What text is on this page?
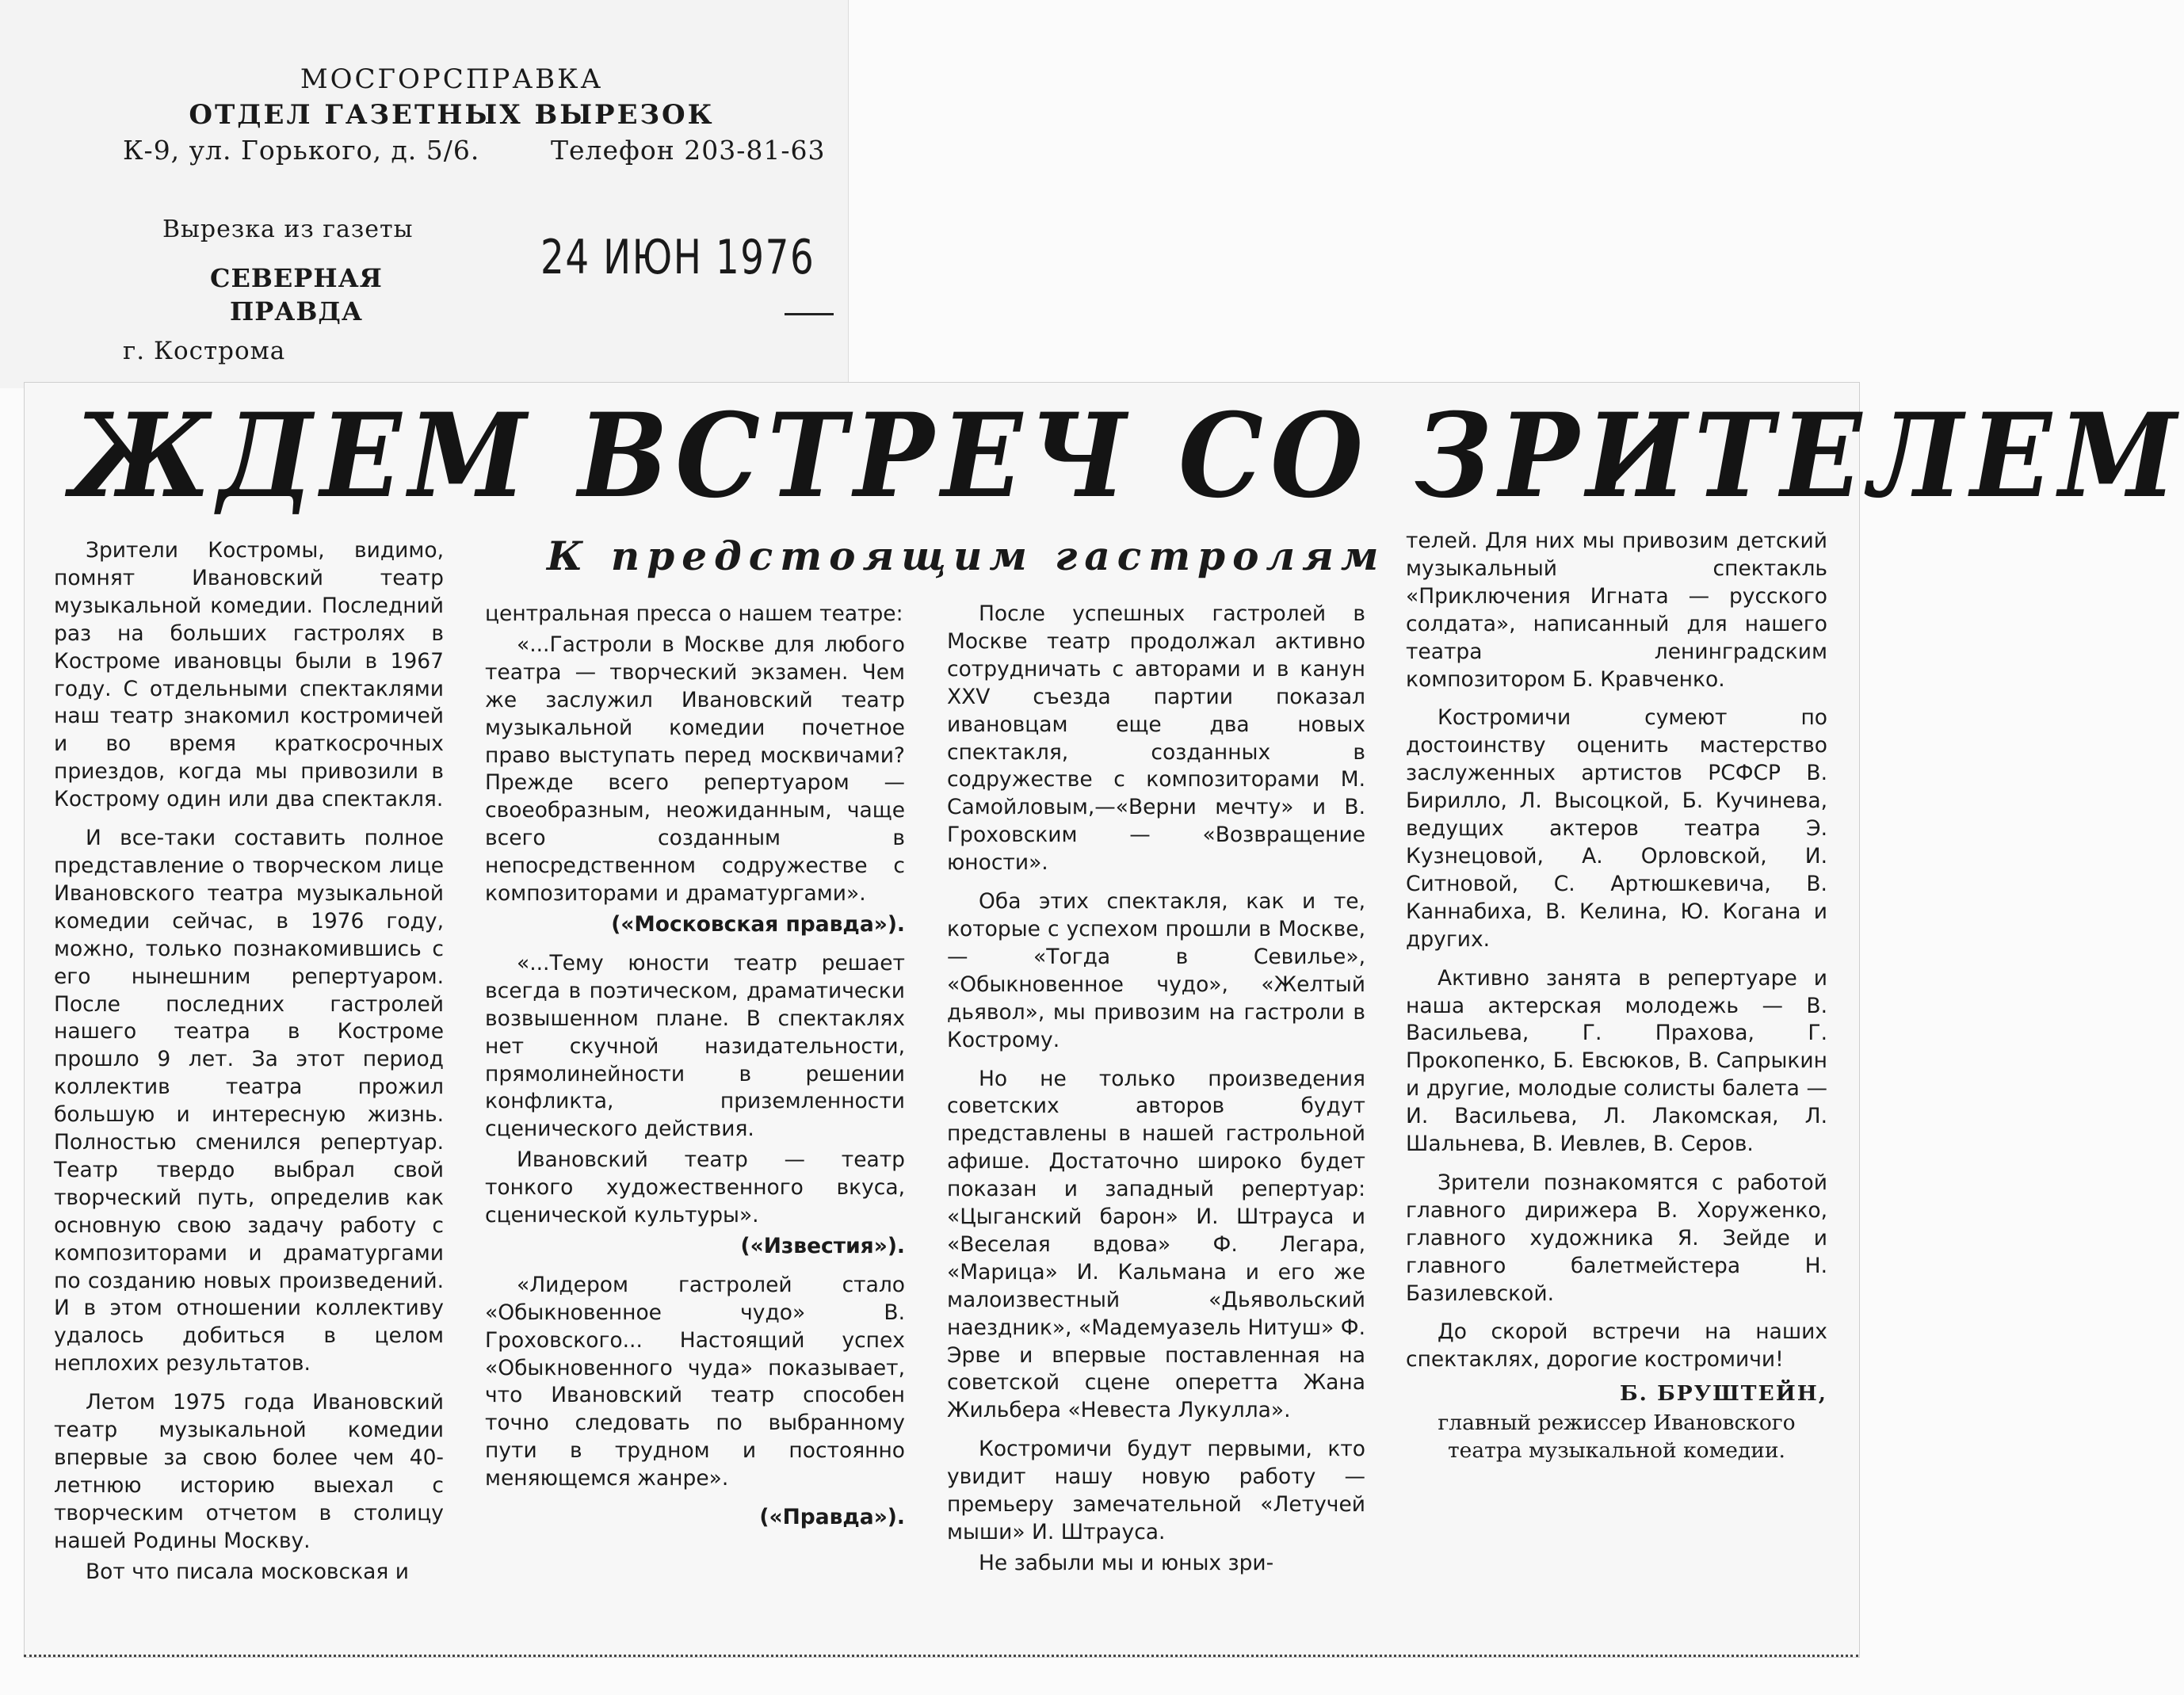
МОСГОРСПРАВКА
ОТДЕЛ ГАЗЕТНЫХ ВЫРЕЗОК
К-9, ул. Горького, д. 5/6.	Телефон 203-81-63
Вырезка из газеты
СЕВЕРНАЯ
ПРАВДА
г. Кострома
24 ИЮН 1976
ЖДЕМ ВСТРЕЧ СО ЗРИТЕЛЕМ
К предстоящим гастролям

Зрители Костромы, видимо, помнят Ивановский театр музыкальной комедии. Последний раз на больших гастролях в Костроме ивановцы были в 1967 году. С отдельными спектаклями наш театр знакомил костромичей и во время краткосрочных приездов, когда мы привозили в Кострому один или два спектакля.

И все-таки составить полное представление о творческом лице Ивановского театра музыкальной комедии сейчас, в 1976 году, можно, только познакомившись с его нынешним репертуаром. После последних гастролей нашего театра в Костроме прошло 9 лет. За этот период коллектив театра прожил большую и интересную жизнь. Полностью сменился репертуар. Театр твердо выбрал свой творческий путь, определив как основную свою задачу работу с композиторами и драматургами по созданию новых произведений. И в этом отношении коллективу удалось добиться в целом неплохих результатов.

Летом 1975 года Ивановский театр музыкальной комедии впервые за свою более чем 40-летнюю историю выехал с творческим отчетом в столицу нашей Родины Москву.

Вот что писала московская и

центральная пресса о нашем театре:

«...Гастроли в Москве для любого театра — творческий экзамен. Чем же заслужил Ивановский театр музыкальной комедии почетное право выступать перед москвичами? Прежде всего репертуаром — своеобразным, неожиданным, чаще всего созданным в непосредственном содружестве с композиторами и драматургами».

(«Московская правда»).

«...Тему юности театр решает всегда в поэтическом, драматически возвышенном плане. В спектаклях нет скучной назидательности, прямолинейности в решении конфликта, приземленности сценического действия.

Ивановский театр — театр тонкого художественного вкуса, сценической культуры».

(«Известия»).

«Лидером гастролей стало «Обыкновенное чудо» В. Гроховского... Настоящий успех «Обыкновенного чуда» показывает, что Ивановский театр способен точно следовать по выбранному пути в трудном и постоянно меняющемся жанре».

(«Правда»).

После успешных гастролей в Москве театр продолжал активно сотрудничать с авторами и в канун XXV съезда партии показал ивановцам еще два новых спектакля, созданных в содружестве с композиторами М. Самойловым,—«Верни мечту» и В. Гроховским — «Возвращение юности».

Оба этих спектакля, как и те, которые с успехом прошли в Москве, — «Тогда в Севилье», «Обыкновенное чудо», «Желтый дьявол», мы привозим на гастроли в Кострому.

Но не только произведения советских авторов будут представлены в нашей гастрольной афише. Достаточно широко будет показан и западный репертуар: «Цыганский барон» И. Штрауса и «Веселая вдова» Ф. Легара, «Марица» И. Кальмана и его же малоизвестный «Дьявольский наездник», «Мадемуазель Нитуш» Ф. Эрве и впервые поставленная на советской сцене оперетта Жана Жильбера «Невеста Лукулла».

Костромичи будут первыми, кто увидит нашу новую работу — премьеру замечательной «Летучей мыши» И. Штрауса.

Не забыли мы и юных зри-

телей. Для них мы привозим детский музыкальный спектакль «Приключения Игната — русского солдата», написанный для нашего театра ленинградским композитором Б. Кравченко.

Костромичи сумеют по достоинству оценить мастерство заслуженных артистов РСФСР В. Бирилло, Л. Высоцкой, Б. Кучинева, ведущих актеров театра Э. Кузнецовой, А. Орловской, И. Ситновой, С. Артюшкевича, В. Каннабиха, В. Келина, Ю. Когана и других.

Активно занята в репертуаре и наша актерская молодежь — В. Васильева, Г. Прахова, Г. Прокопенко, Б. Евсюков, В. Сапрыкин и другие, молодые солисты балета — И. Васильева, Л. Лакомская, Л. Шальнева, В. Иевлев, В. Серов.

Зрители познакомятся с работой главного дирижера В. Хоруженко, главного художника Я. Зейде и главного балетмейстера Н. Базилевской.

До скорой встречи на наших спектаклях, дорогие костромичи!

Б. БРУШТЕЙН,

главный режиссер Ивановского театра музыкальной комедии.
